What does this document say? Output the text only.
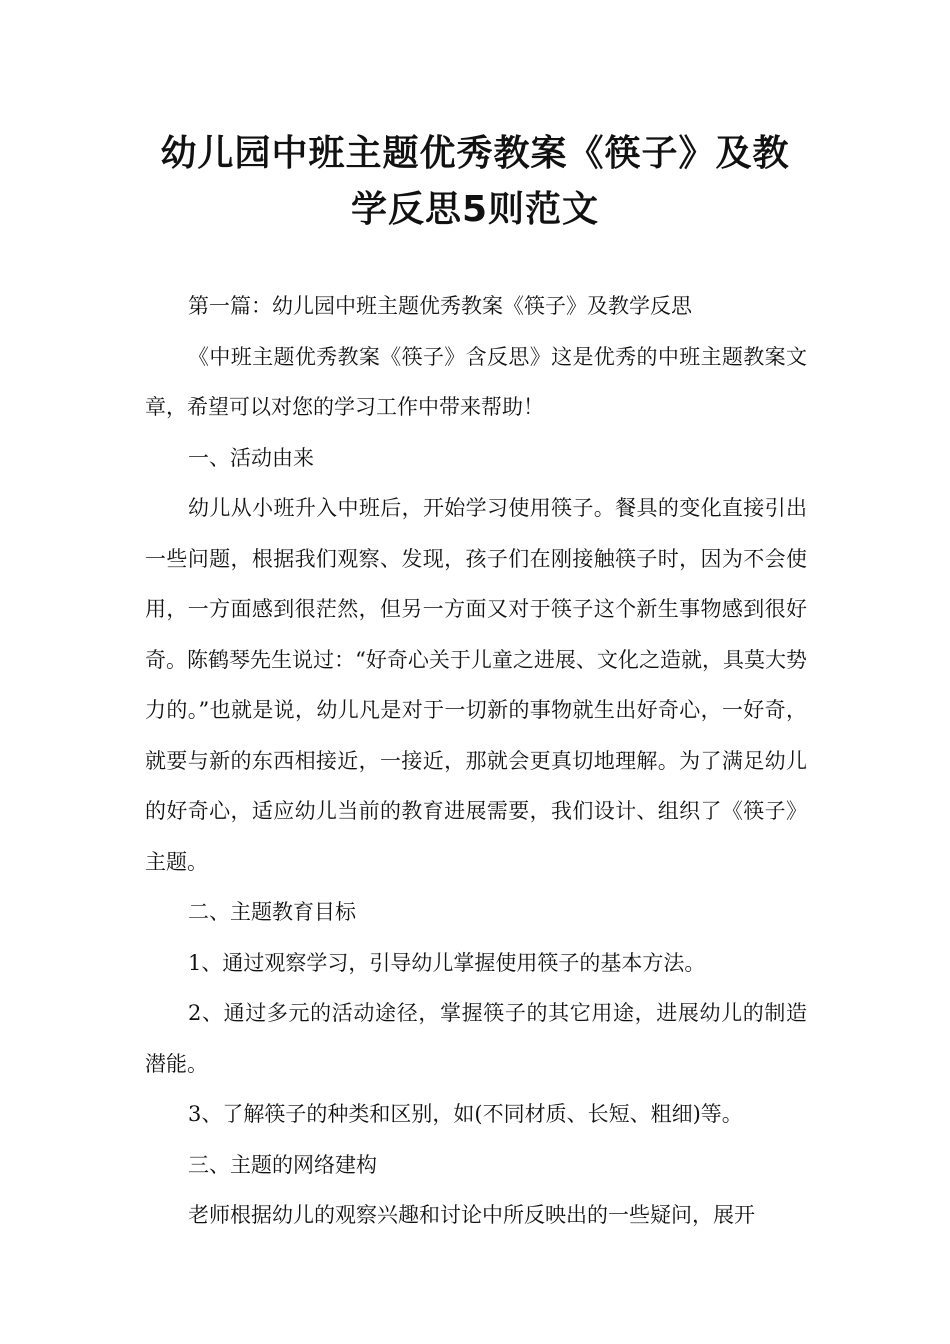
幼儿园中班主题优秀教案《筷子》及教
学反思5则范文

第一篇：幼儿园中班主题优秀教案《筷子》及教学反思

《中班主题优秀教案《筷子》含反思》这是优秀的中班主题教案文章，希望可以对您的学习工作中带来帮助！

一、活动由来

幼儿从小班升入中班后，开始学习使用筷子。餐具的变化直接引出一些问题，根据我们观察、发现，孩子们在刚接触筷子时，因为不会使用，一方面感到很茫然，但另一方面又对于筷子这个新生事物感到很好奇。陈鹤琴先生说过：“好奇心关于儿童之进展、文化之造就，具莫大势力的。”也就是说，幼儿凡是对于一切新的事物就生出好奇心，一好奇，就要与新的东西相接近，一接近，那就会更真切地理解。为了满足幼儿的好奇心，适应幼儿当前的教育进展需要，我们设计、组织了《筷子》主题。

二、主题教育目标

1、通过观察学习，引导幼儿掌握使用筷子的基本方法。

2、通过多元的活动途径，掌握筷子的其它用途，进展幼儿的制造潜能。

3、了解筷子的种类和区别，如(不同材质、长短、粗细)等。

三、主题的网络建构

老师根据幼儿的观察兴趣和讨论中所反映出的一些疑问，展开
